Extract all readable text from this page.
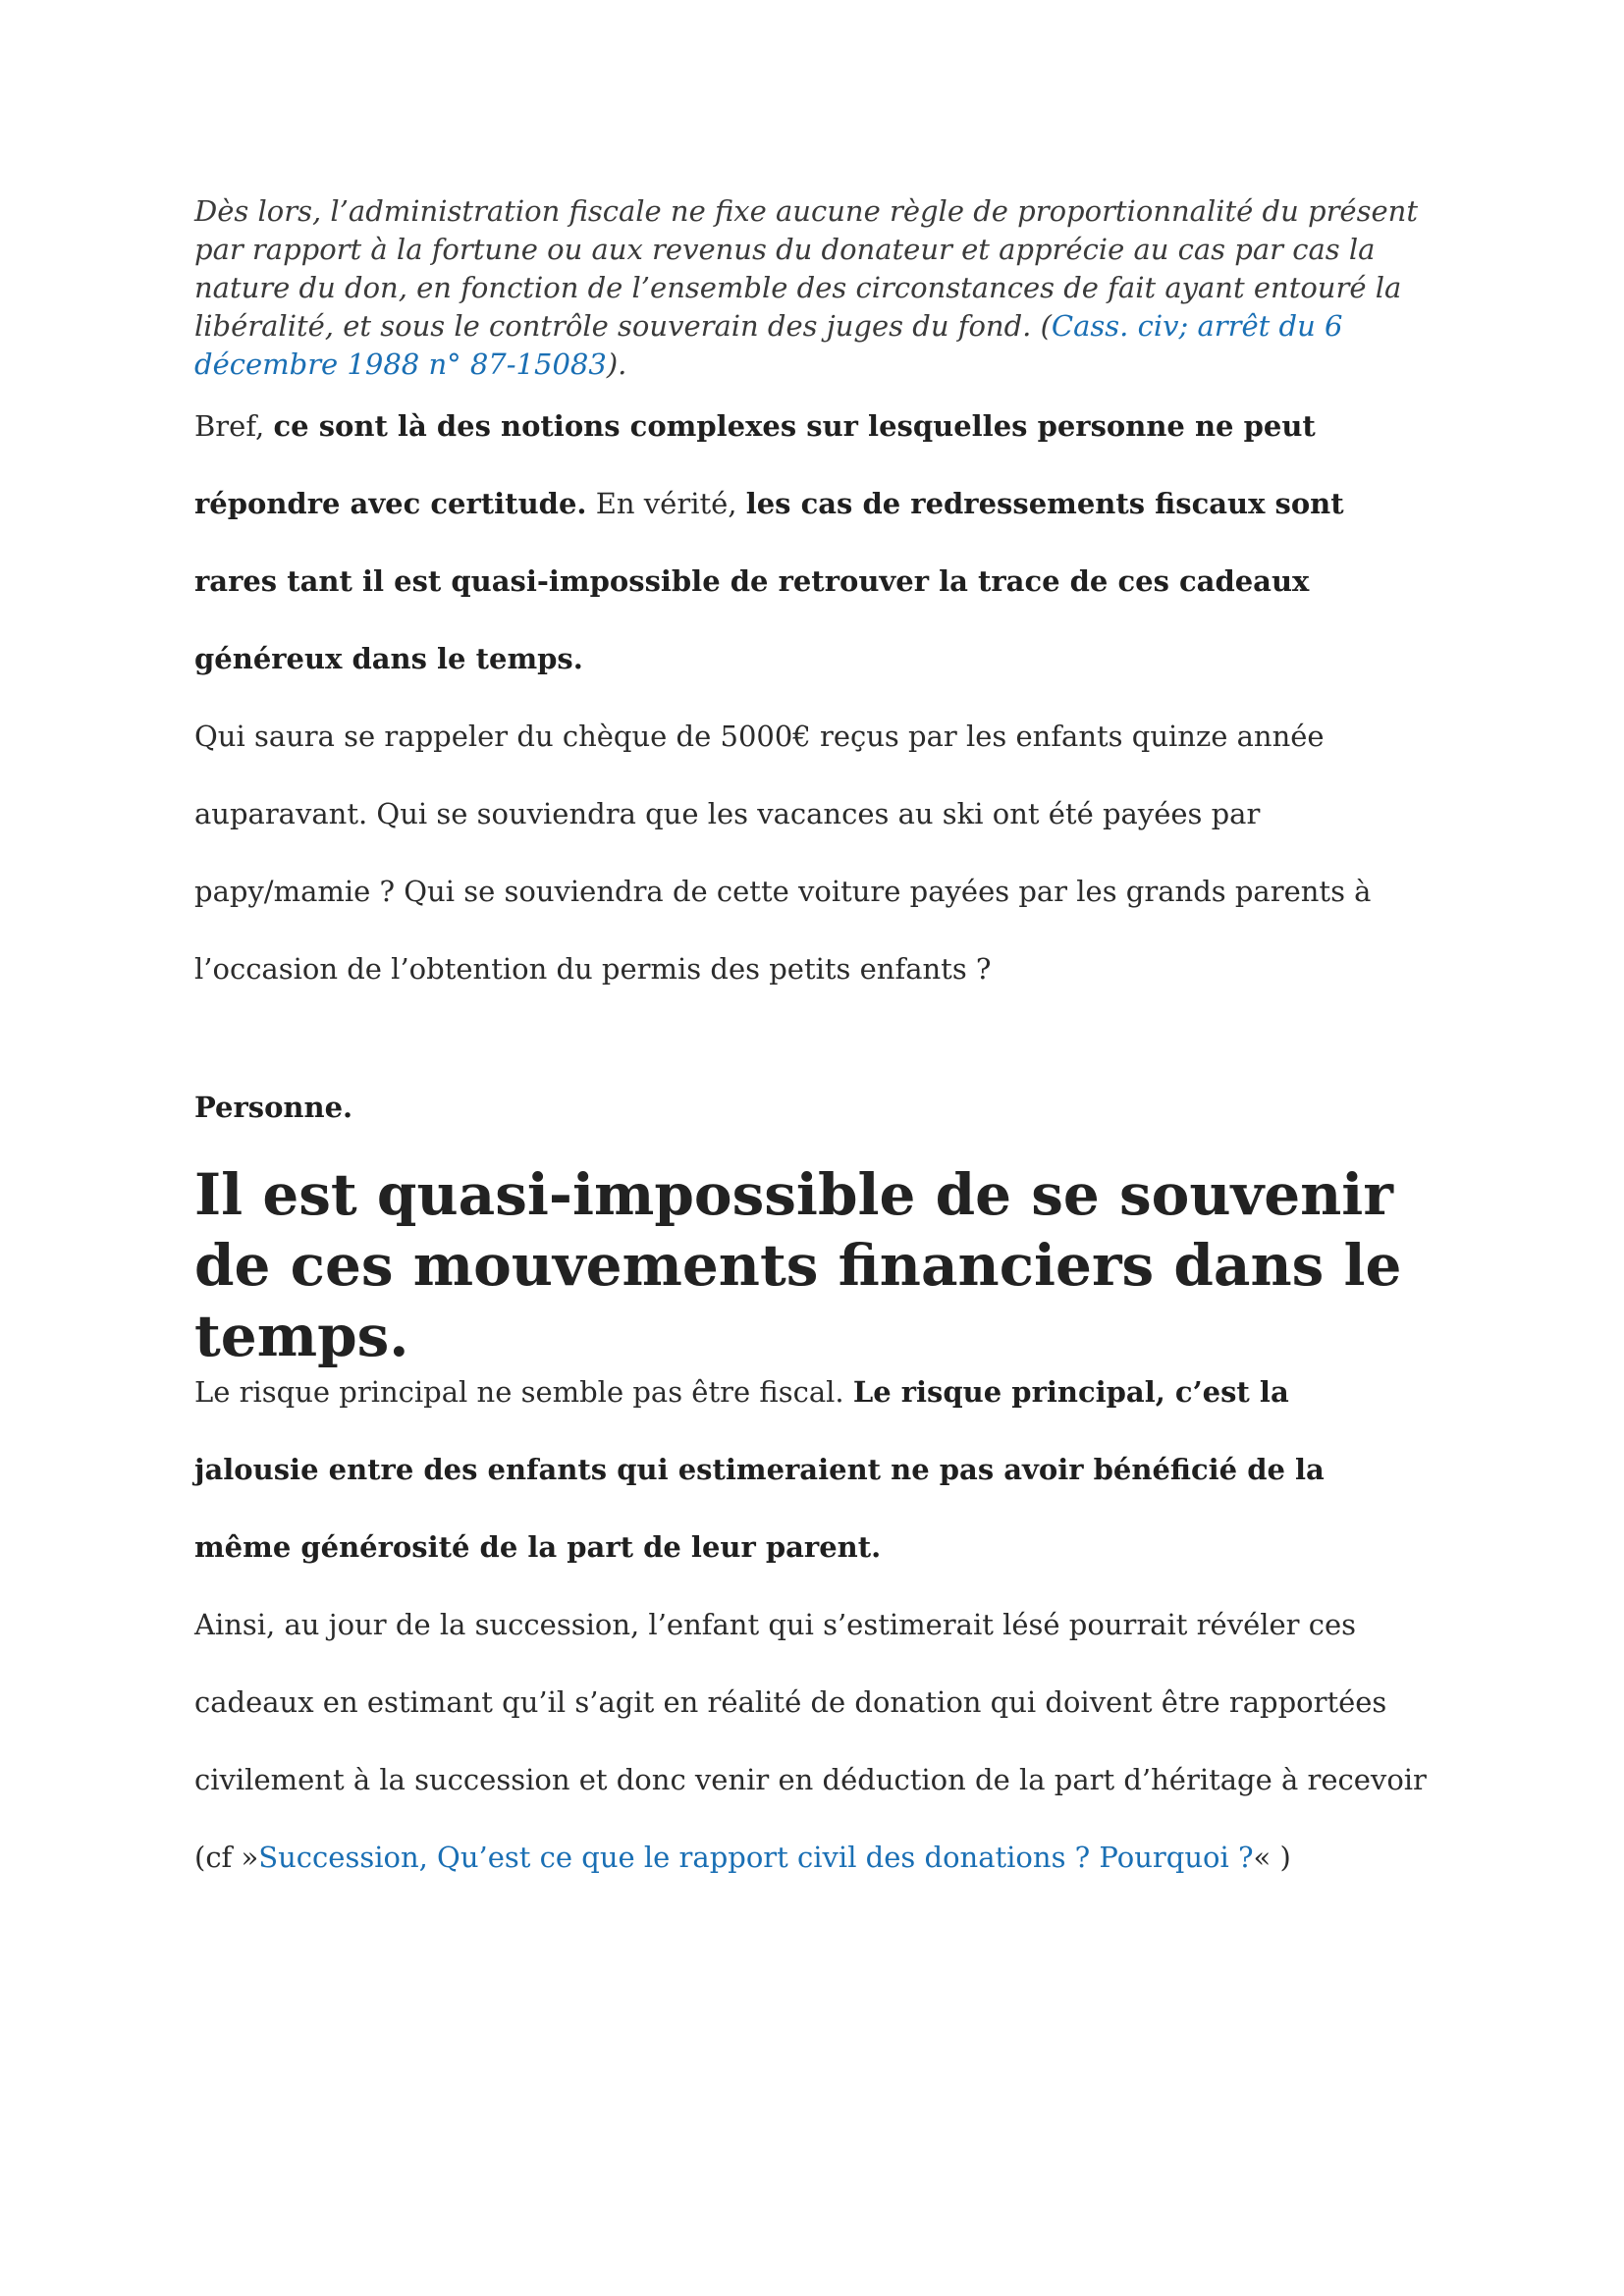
Dès lors, l’administration fiscale ne fixe aucune règle de proportionnalité du présent par rapport à la fortune ou aux revenus du donateur et apprécie au cas par cas la nature du don, en fonction de l’ensemble des circonstances de fait ayant entouré la libéralité, et sous le contrôle souverain des juges du fond. (Cass. civ; arrêt du 6 décembre 1988 n° 87-15083).

Bref, ce sont là des notions complexes sur lesquelles personne ne peut répondre avec certitude. En vérité, les cas de redressements fiscaux sont rares tant il est quasi-impossible de retrouver la trace de ces cadeaux généreux dans le temps.

Qui saura se rappeler du chèque de 5000€ reçus par les enfants quinze année auparavant. Qui se souviendra que les vacances au ski ont été payées par papy/mamie ? Qui se souviendra de cette voiture payées par les grands parents à l’occasion de l’obtention du permis des petits enfants ?

Personne.

Il est quasi-impossible de se souvenir de ces mouvements financiers dans le temps.

Le risque principal ne semble pas être fiscal. Le risque principal, c’est la jalousie entre des enfants qui estimeraient ne pas avoir bénéficié de la même générosité de la part de leur parent.

Ainsi, au jour de la succession, l’enfant qui s’estimerait lésé pourrait révéler ces cadeaux en estimant qu’il s’agit en réalité de donation qui doivent être rapportées civilement à la succession et donc venir en déduction de la part d’héritage à recevoir (cf »Succession, Qu’est ce que le rapport civil des donations ? Pourquoi ?« )
